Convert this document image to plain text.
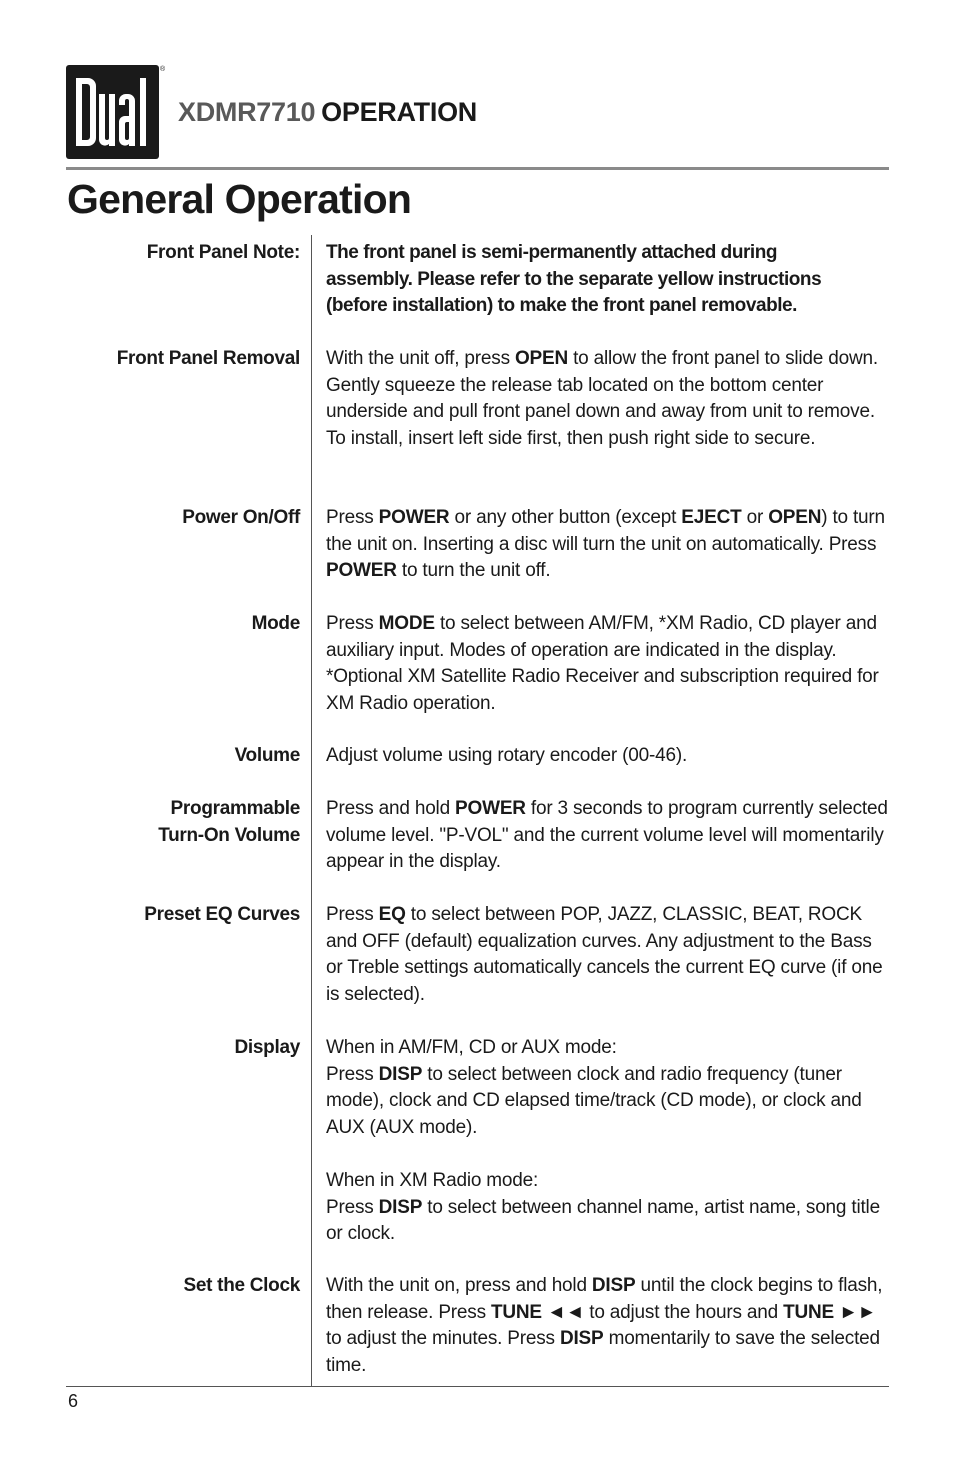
®
XDMR7710 OPERATION
General Operation
Front Panel Note: The front panel is semi-permanently attached during

assembly. Please refer to the separate yellow instructions

(before installation) to make the front panel removable.

Front Panel Removal With the unit off, press OPEN to allow the front panel to slide down. Gently squeeze the release tab located on the bottom center underside and pull front panel down and away from unit to remove. To install, insert left side first, then push right side to secure.

Power On/Off Press POWER or any other button (except EJECT or OPEN) to turn the unit on. Inserting a disc will turn the unit on automatically. Press POWER to turn the unit off.

Mode Press MODE to select between AM/FM, *XM Radio, CD player and auxiliary input. Modes of operation are indicated in the display. *Optional XM Satellite Radio Receiver and subscription required for XM Radio operation.

Volume Adjust volume using rotary encoder (00-46).

Programmable
Turn-On Volume

Press and hold POWER for 3 seconds to program currently selected volume level. "P-VOL" and the current volume level will momentarily appear in the display.

Preset EQ Curves Press EQ to select between POP, JAZZ, CLASSIC, BEAT, ROCK and OFF (default) equalization curves. Any adjustment to the Bass or Treble settings automatically cancels the current EQ curve (if one is selected).

Display When in AM/FM, CD or AUX mode:

Press DISP to select between clock and radio frequency (tuner mode), clock and CD elapsed time/track (CD mode), or clock and AUX (AUX mode).

When in XM Radio mode:

Press DISP to select between channel name, artist name, song title or clock.

Set the Clock With the unit on, press and hold DISP until the clock begins to flash, then release. Press TUNE ◄◄ to adjust the hours and TUNE ►► to adjust the minutes. Press DISP momentarily to save the selected time.

6
